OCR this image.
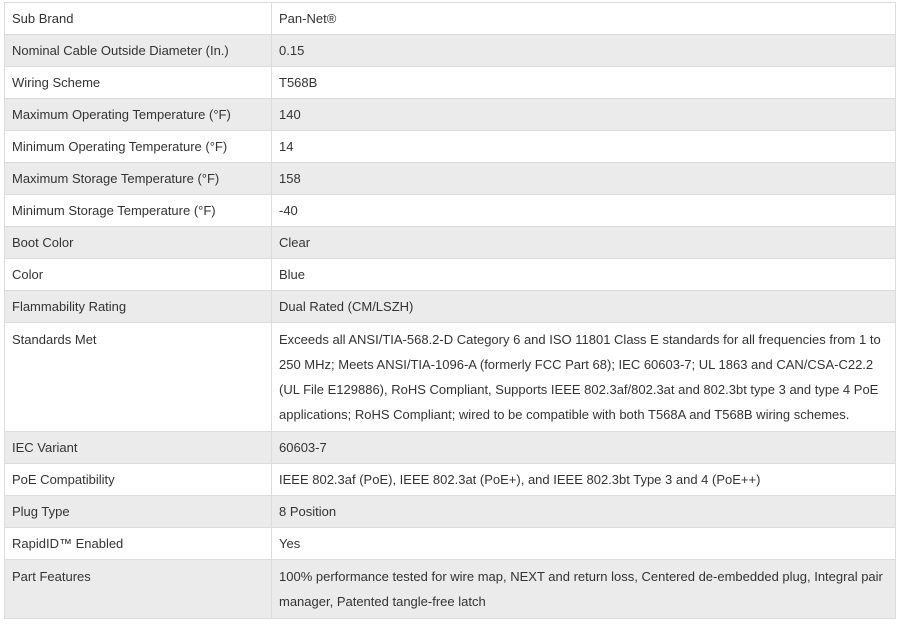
Sub Brand	Pan-Net®
Nominal Cable Outside Diameter (In.)	0.15
Wiring Scheme	T568B
Maximum Operating Temperature (°F)	140
Minimum Operating Temperature (°F)	14
Maximum Storage Temperature (°F)	158
Minimum Storage Temperature (°F)	-40
Boot Color	Clear
Color	Blue
Flammability Rating	Dual Rated (CM/LSZH)
Standards Met	Exceeds all ANSI/TIA-568.2-D Category 6 and ISO 11801 Class E standards for all frequencies from 1 to 250 MHz; Meets ANSI/TIA-1096-A (formerly FCC Part 68); IEC 60603-7; UL 1863 and CAN/CSA-C22.2 (UL File E129886), RoHS Compliant, Supports IEEE 802.3af/802.3at and 802.3bt type 3 and type 4 PoE applications; RoHS Compliant; wired to be compatible with both T568A and T568B wiring schemes.
IEC Variant	60603-7
PoE Compatibility	IEEE 802.3af (PoE), IEEE 802.3at (PoE+), and IEEE 802.3bt Type 3 and 4 (PoE++)
Plug Type	8 Position
RapidID™ Enabled	Yes
Part Features	100% performance tested for wire map, NEXT and return loss, Centered de-embedded plug, Integral pair manager, Patented tangle-free latch
